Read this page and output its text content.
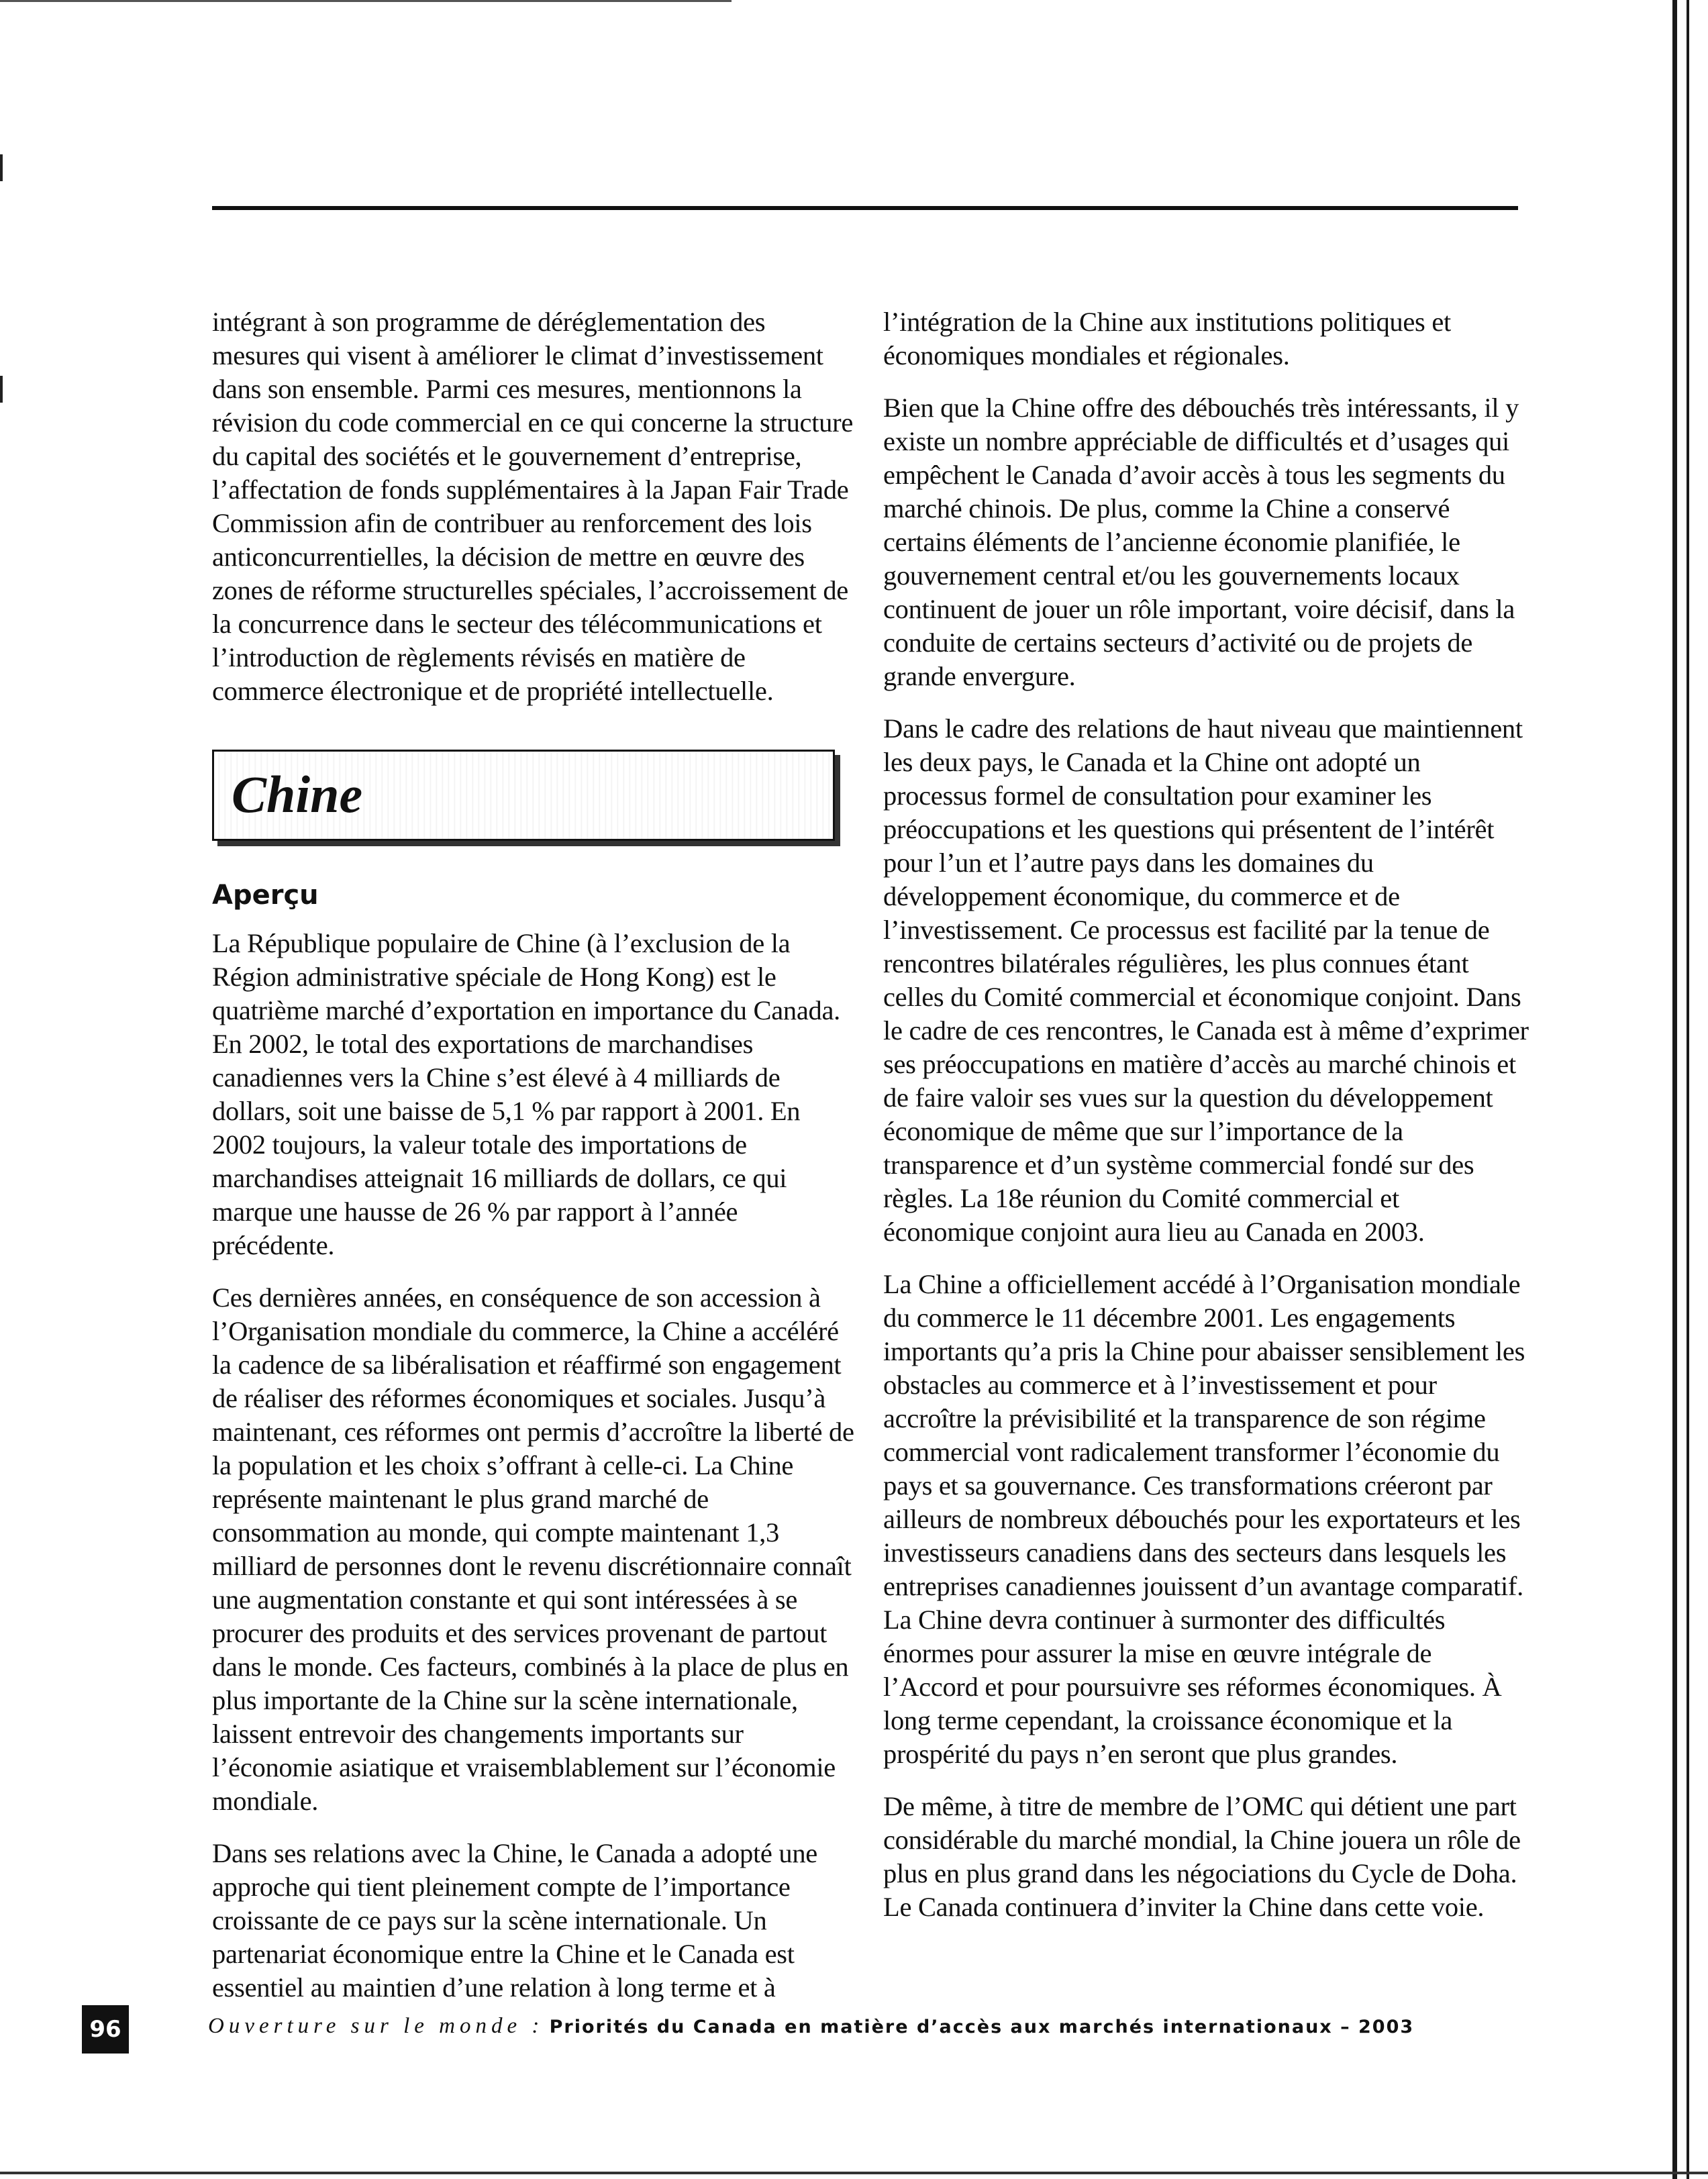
intégrant à son programme de déréglementation des mesures qui visent à améliorer le climat d’investissement dans son ensemble. Parmi ces mesures, mentionnons la révision du code commercial en ce qui concerne la structure du capital des sociétés et le gouvernement d’entreprise, l’affectation de fonds supplémentaires à la Japan Fair Trade Commission afin de contribuer au renforcement des lois anticoncurrentielles, la décision de mettre en œuvre des zones de réforme structurelles spéciales, l’accroissement de la concurrence dans le secteur des télécommunications et l’introduction de règlements révisés en matière de commerce électronique et de propriété intellectuelle.

Chine
Aperçu

La République populaire de Chine (à l’exclusion de la Région administrative spéciale de Hong Kong) est le quatrième marché d’exportation en importance du Canada. En 2002, le total des exportations de marchandises canadiennes vers la Chine s’est élevé à 4 milliards de dollars, soit une baisse de 5,1 % par rapport à 2001. En 2002 toujours, la valeur totale des importations de marchandises atteignait 16 milliards de dollars, ce qui marque une hausse de 26 % par rapport à l’année précédente.

Ces dernières années, en conséquence de son accession à l’Organisation mondiale du commerce, la Chine a accéléré la cadence de sa libéralisation et réaffirmé son engagement de réaliser des réformes économiques et sociales. Jusqu’à maintenant, ces réformes ont permis d’accroître la liberté de la population et les choix s’offrant à celle-ci. La Chine représente maintenant le plus grand marché de consommation au monde, qui compte maintenant 1,3 milliard de personnes dont le revenu discrétionnaire connaît une augmentation constante et qui sont intéressées à se procurer des produits et des services provenant de partout dans le monde. Ces facteurs, combinés à la place de plus en plus importante de la Chine sur la scène internationale, laissent entrevoir des changements importants sur l’économie asiatique et vraisemblablement sur l’économie mondiale.

Dans ses relations avec la Chine, le Canada a adopté une approche qui tient pleinement compte de l’importance croissante de ce pays sur la scène internationale. Un partenariat économique entre la Chine et le Canada est essentiel au maintien d’une relation à long terme et à

l’intégration de la Chine aux institutions politiques et économiques mondiales et régionales.

Bien que la Chine offre des débouchés très intéressants, il y existe un nombre appréciable de difficultés et d’usages qui empêchent le Canada d’avoir accès à tous les segments du marché chinois. De plus, comme la Chine a conservé certains éléments de l’ancienne économie planifiée, le gouvernement central et/ou les gouvernements locaux continuent de jouer un rôle important, voire décisif, dans la conduite de certains secteurs d’activité ou de projets de grande envergure.

Dans le cadre des relations de haut niveau que maintiennent les deux pays, le Canada et la Chine ont adopté un processus formel de consultation pour examiner les préoccupations et les questions qui présentent de l’intérêt pour l’un et l’autre pays dans les domaines du développement économique, du commerce et de l’investissement. Ce processus est facilité par la tenue de rencontres bilatérales régulières, les plus connues étant celles du Comité commercial et économique conjoint. Dans le cadre de ces rencontres, le Canada est à même d’exprimer ses préoccupations en matière d’accès au marché chinois et de faire valoir ses vues sur la question du développement économique de même que sur l’importance de la transparence et d’un système commercial fondé sur des règles. La 18e réunion du Comité commercial et économique conjoint aura lieu au Canada en 2003.

La Chine a officiellement accédé à l’Organisation mondiale du commerce le 11 décembre 2001. Les engagements importants qu’a pris la Chine pour abaisser sensiblement les obstacles au commerce et à l’investissement et pour accroître la prévisibilité et la transparence de son régime commercial vont radicalement transformer l’économie du pays et sa gouvernance. Ces transformations créeront par ailleurs de nombreux débouchés pour les exportateurs et les investisseurs canadiens dans des secteurs dans lesquels les entreprises canadiennes jouissent d’un avantage comparatif. La Chine devra continuer à surmonter des difficultés énormes pour assurer la mise en œuvre intégrale de l’Accord et pour poursuivre ses réformes économiques. À long terme cependant, la croissance économique et la prospérité du pays n’en seront que plus grandes.

De même, à titre de membre de l’OMC qui détient une part considérable du marché mondial, la Chine jouera un rôle de plus en plus grand dans les négociations du Cycle de Doha. Le Canada continuera d’inviter la Chine dans cette voie.

96	Ouverture sur le monde : Priorités du Canada en matière d’accès aux marchés internationaux – 2003
